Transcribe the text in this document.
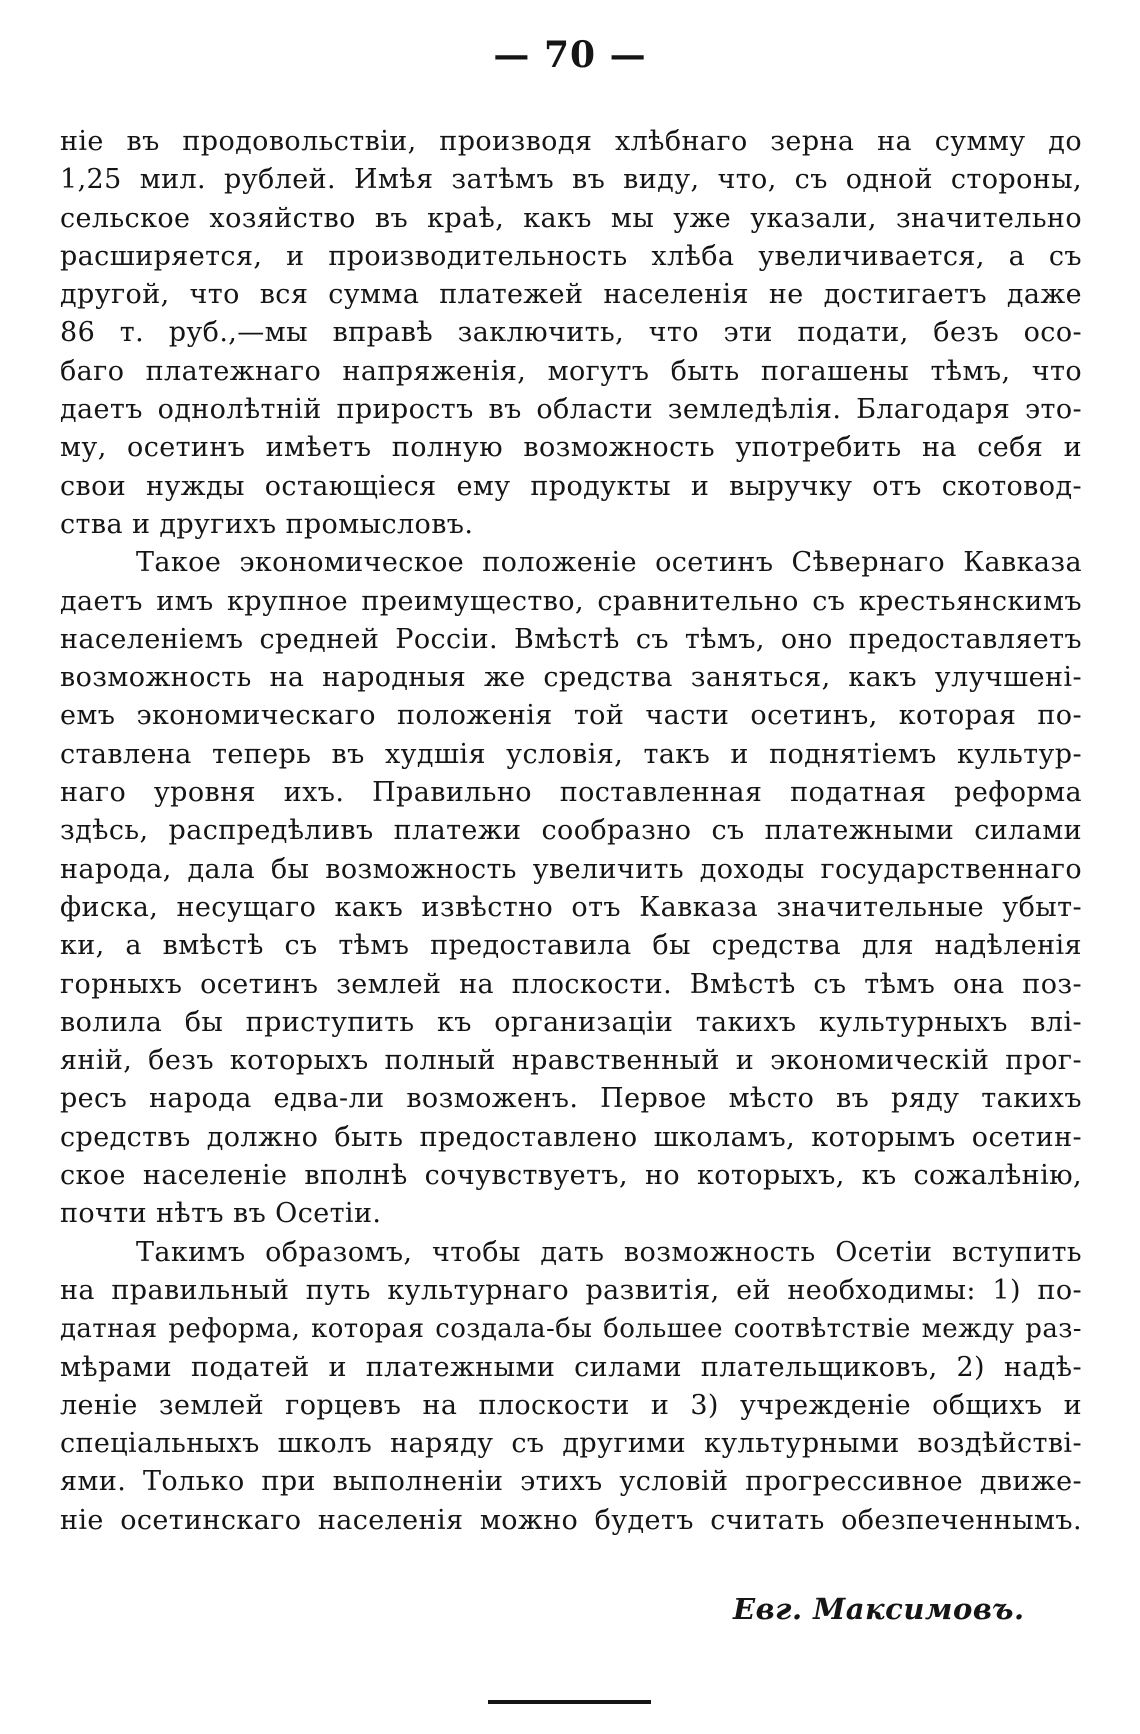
— 70 —

ніе въ продовольствіи, производя хлѣбнаго зерна на сумму до
1,25 мил. рублей. Имѣя затѣмъ въ виду, что, съ одной стороны,
сельское хозяйство въ краѣ, какъ мы уже указали, значительно
расширяется, и производительность хлѣба увеличивается, а съ
другой, что вся сумма платежей населенія не достигаетъ даже
86 т. руб.,—мы вправѣ заключить, что эти подати, безъ осо-
баго платежнаго напряженія, могутъ быть погашены тѣмъ, что
даетъ однолѣтній приростъ въ области земледѣлія. Благодаря это-
му, осетинъ имѣетъ полную возможность употребить на себя и
свои нужды остающіеся ему продукты и выручку отъ скотовод-
ства и другихъ промысловъ.

Такое экономическое положеніе осетинъ Сѣвернаго Кавказа
даетъ имъ крупное преимущество, сравнительно съ крестьянскимъ
населеніемъ средней Россіи. Вмѣстѣ съ тѣмъ, оно предоставляетъ
возможность на народныя же средства заняться, какъ улучшені-
емъ экономическаго положенія той части осетинъ, которая по-
ставлена теперь въ худшія условія, такъ и поднятіемъ культур-
наго уровня ихъ. Правильно поставленная податная реформа
здѣсь, распредѣливъ платежи сообразно съ платежными силами
народа, дала бы возможность увеличить доходы государственнаго
фиска, несущаго какъ извѣстно отъ Кавказа значительные убыт-
ки, а вмѣстѣ съ тѣмъ предоставила бы средства для надѣленія
горныхъ осетинъ землей на плоскости. Вмѣстѣ съ тѣмъ она поз-
волила бы приступить къ организаціи такихъ культурныхъ влі-
яній, безъ которыхъ полный нравственный и экономическій прог-
ресъ народа едва-ли возможенъ. Первое мѣсто въ ряду такихъ
средствъ должно быть предоставлено школамъ, которымъ осетин-
ское населеніе вполнѣ сочувствуетъ, но которыхъ, къ сожалѣнію,
почти нѣтъ въ Осетіи.

Такимъ образомъ, чтобы дать возможность Осетіи вступить
на правильный путь культурнаго развитія, ей необходимы: 1) по-
датная реформа, которая создала-бы большее соотвѣтствіе между раз-
мѣрами податей и платежными силами плательщиковъ, 2) надѣ-
леніе землей горцевъ на плоскости и 3) учрежденіе общихъ и
спеціальныхъ школъ наряду съ другими культурными воздѣйствi-
ями. Только при выполненіи этихъ условій прогрессивное движе-
ніе осетинскаго населенія можно будетъ считать обезпеченнымъ.

Евг. Максимовъ.
